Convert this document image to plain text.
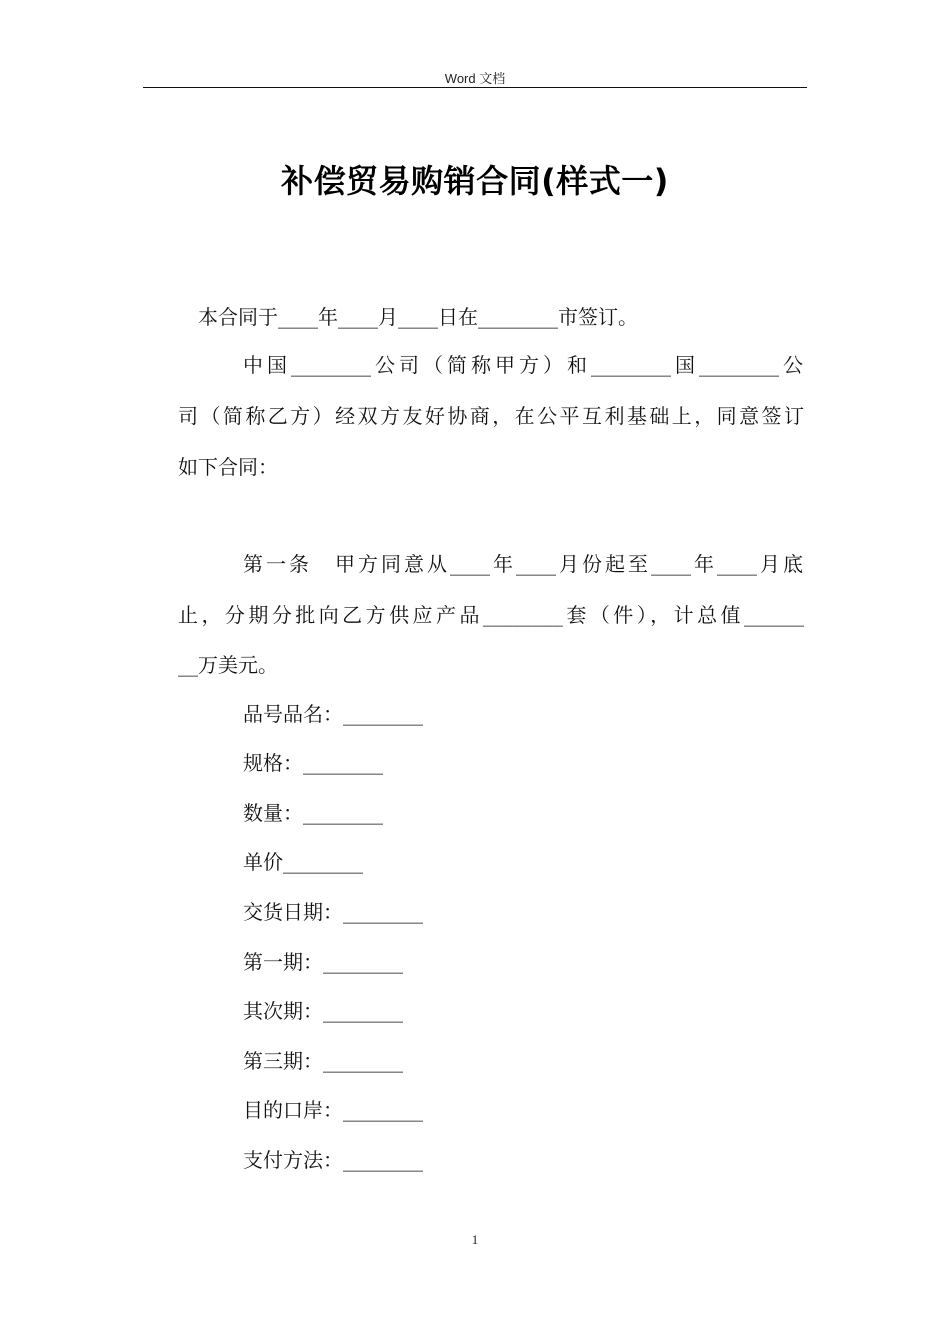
Word 文档
补偿贸易购销合同(样式一)
本合同于____年____月____日在________市签订。
中国________公司（简称甲方）和________国________公
司（简称乙方）经双方友好协商，在公平互利基础上，同意签订
如下合同：
第一条　甲方同意从____年____月份起至____年____月底
止，分期分批向乙方供应产品________套（件），计总值______
__万美元。
品号品名：________
规格：________
数量：________
单价________
交货日期：________
第一期：________
其次期：________
第三期：________
目的口岸：________
支付方法：________
1
